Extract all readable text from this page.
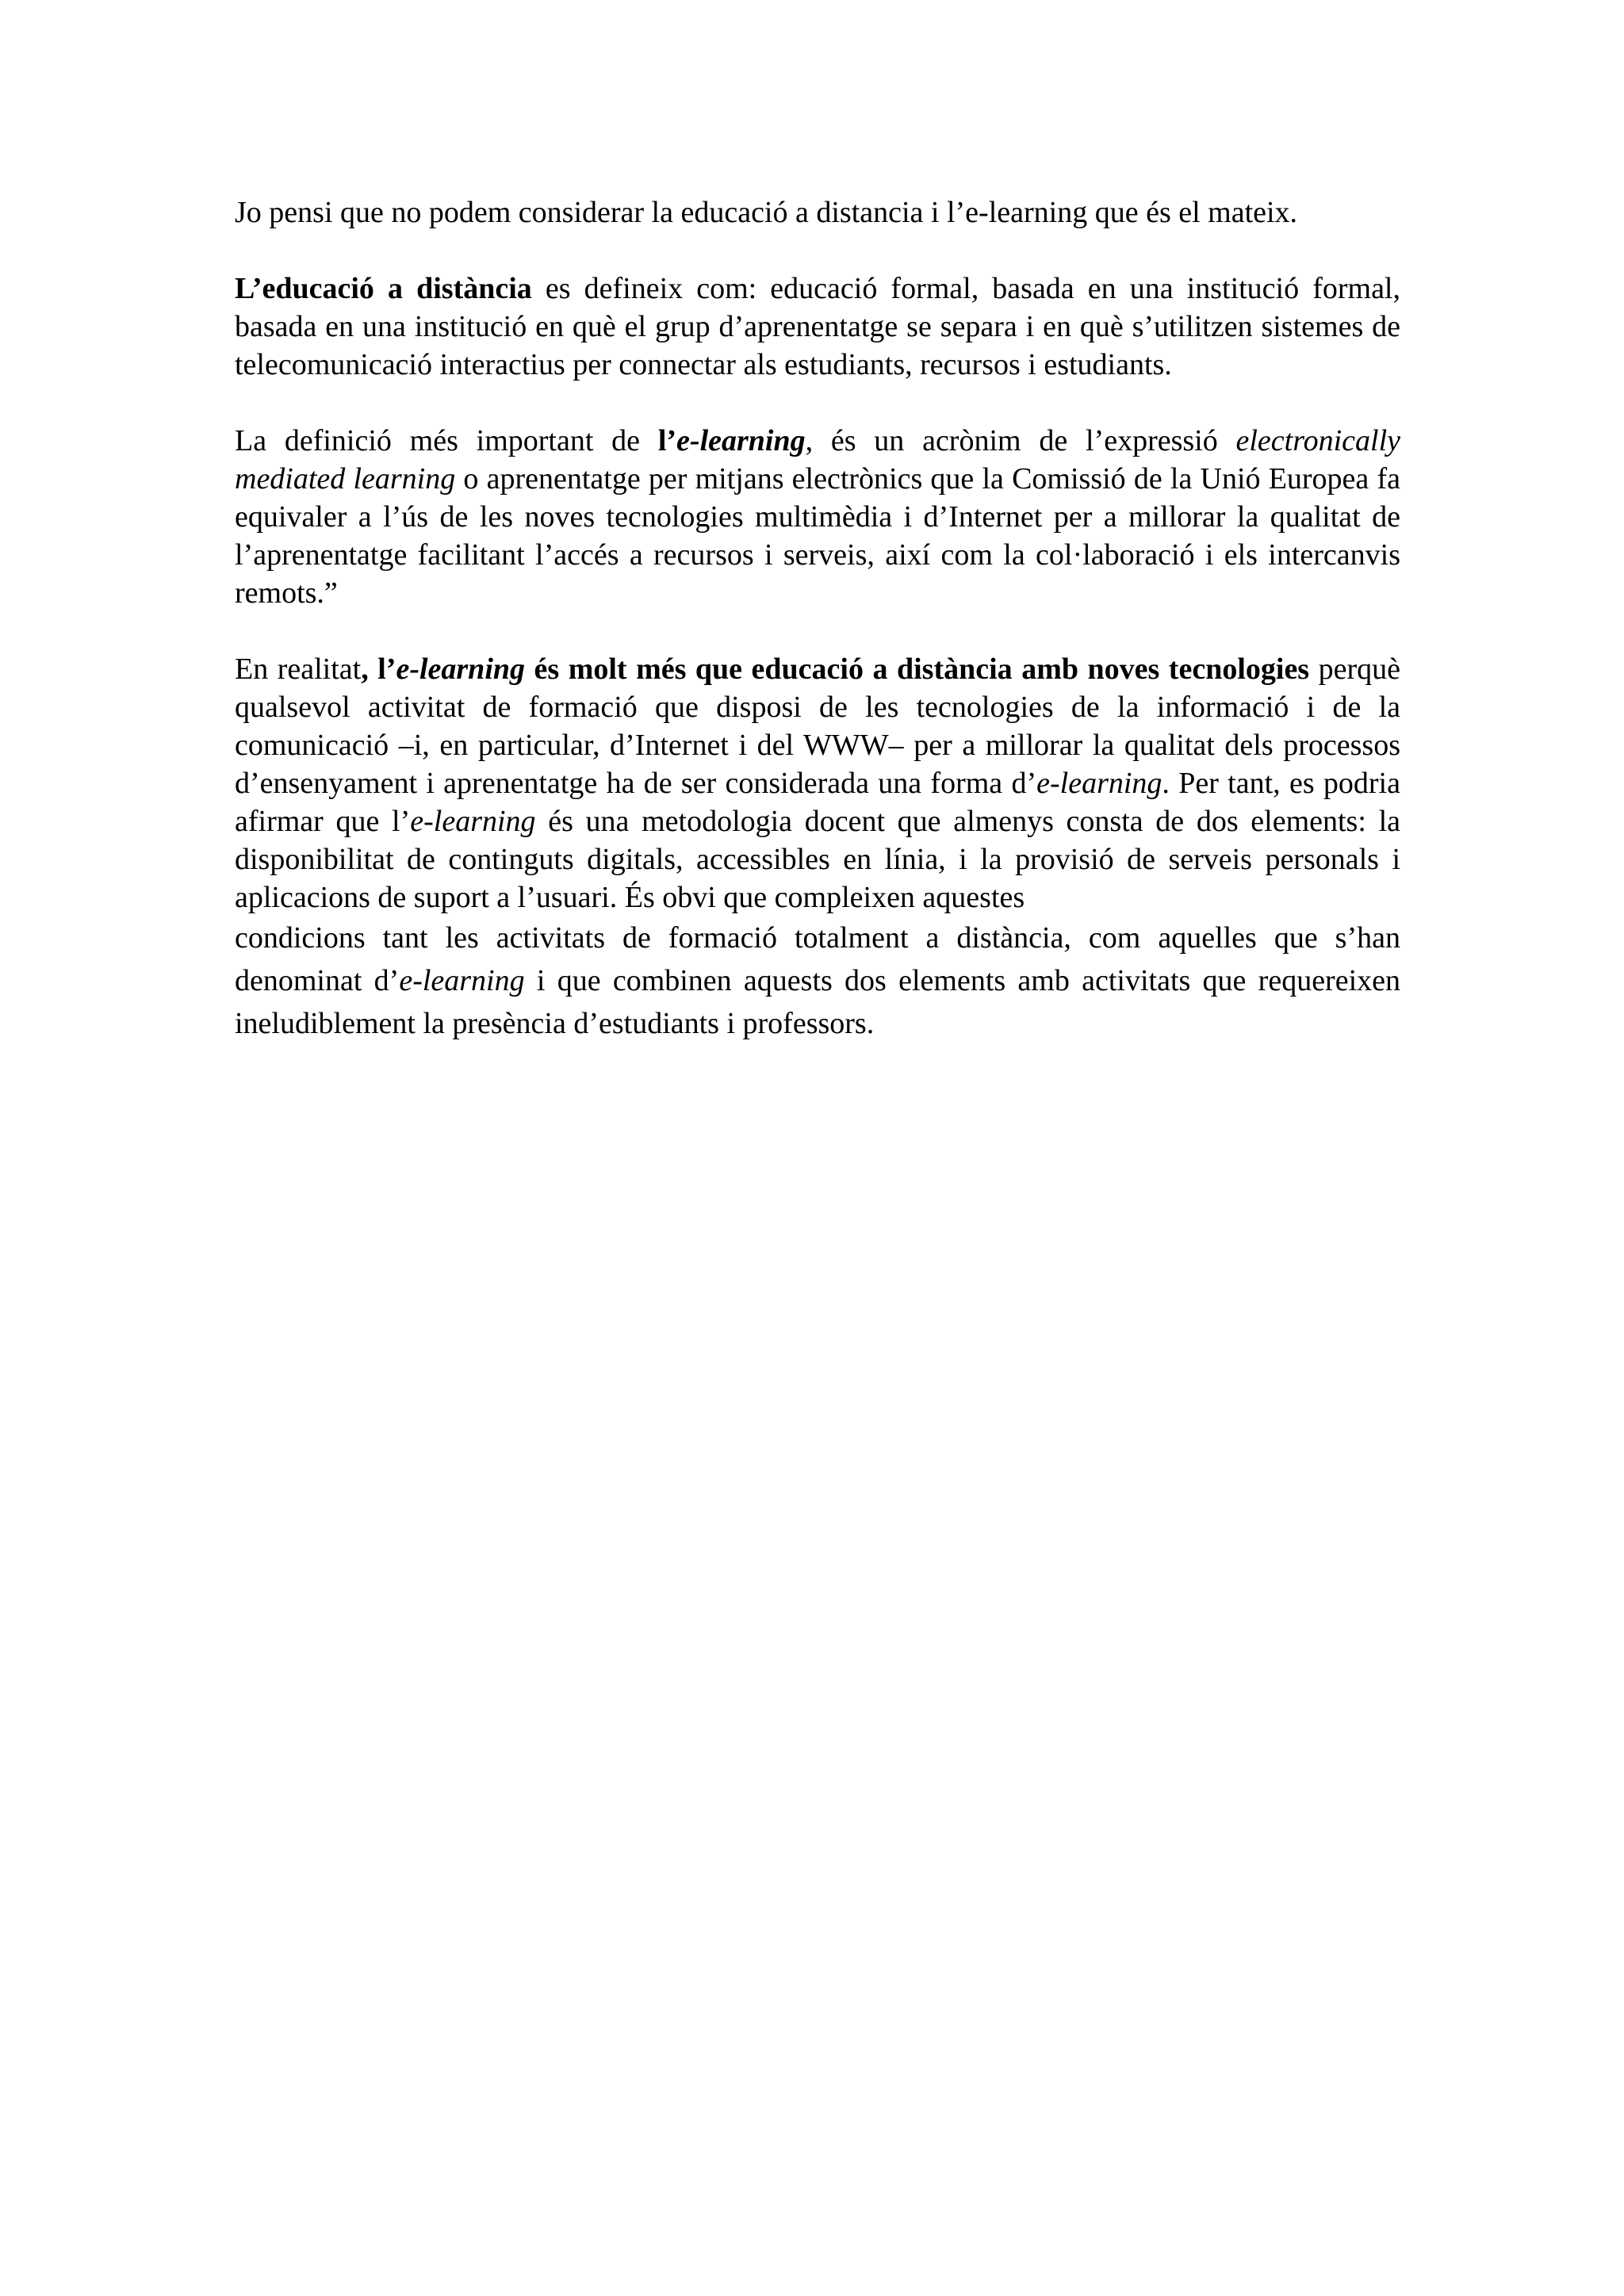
Jo pensi que no podem considerar la educació a distancia i l’e-learning que és el mateix.

L’educació a distància es defineix com: educació formal, basada en una institució formal, basada en una institució en què el grup d’aprenentatge se separa i en què s’utilitzen sistemes de telecomunicació interactius per connectar als estudiants, recursos i estudiants.

La definició més important de l’e-learning, és un acrònim de l’expressió electronically mediated learning o aprenentatge per mitjans electrònics que la Comissió de la Unió Europea fa equivaler a l’ús de les noves tecnologies multimèdia i d’Internet per a millorar la qualitat de l’aprenentatge facilitant l’accés a recursos i serveis, així com la col·laboració i els intercanvis remots.”

En realitat, l’e-learning és molt més que educació a distància amb noves tecnologies perquè qualsevol activitat de formació que disposi de les tecnologies de la informació i de la comunicació –i, en particular, d’Internet i del WWW– per a millorar la qualitat dels processos d’ensenyament i aprenentatge ha de ser considerada una forma d’e-learning. Per tant, es podria afirmar que l’e-learning és una metodologia docent que almenys consta de dos elements: la disponibilitat de continguts digitals, accessibles en línia, i la provisió de serveis personals i aplicacions de suport a l’usuari. És obvi que compleixen aquestes

condicions tant les activitats de formació totalment a distància, com aquelles que s’han denominat d’e-learning i que combinen aquests dos elements amb activitats que requereixen ineludiblement la presència d’estudiants i professors.
